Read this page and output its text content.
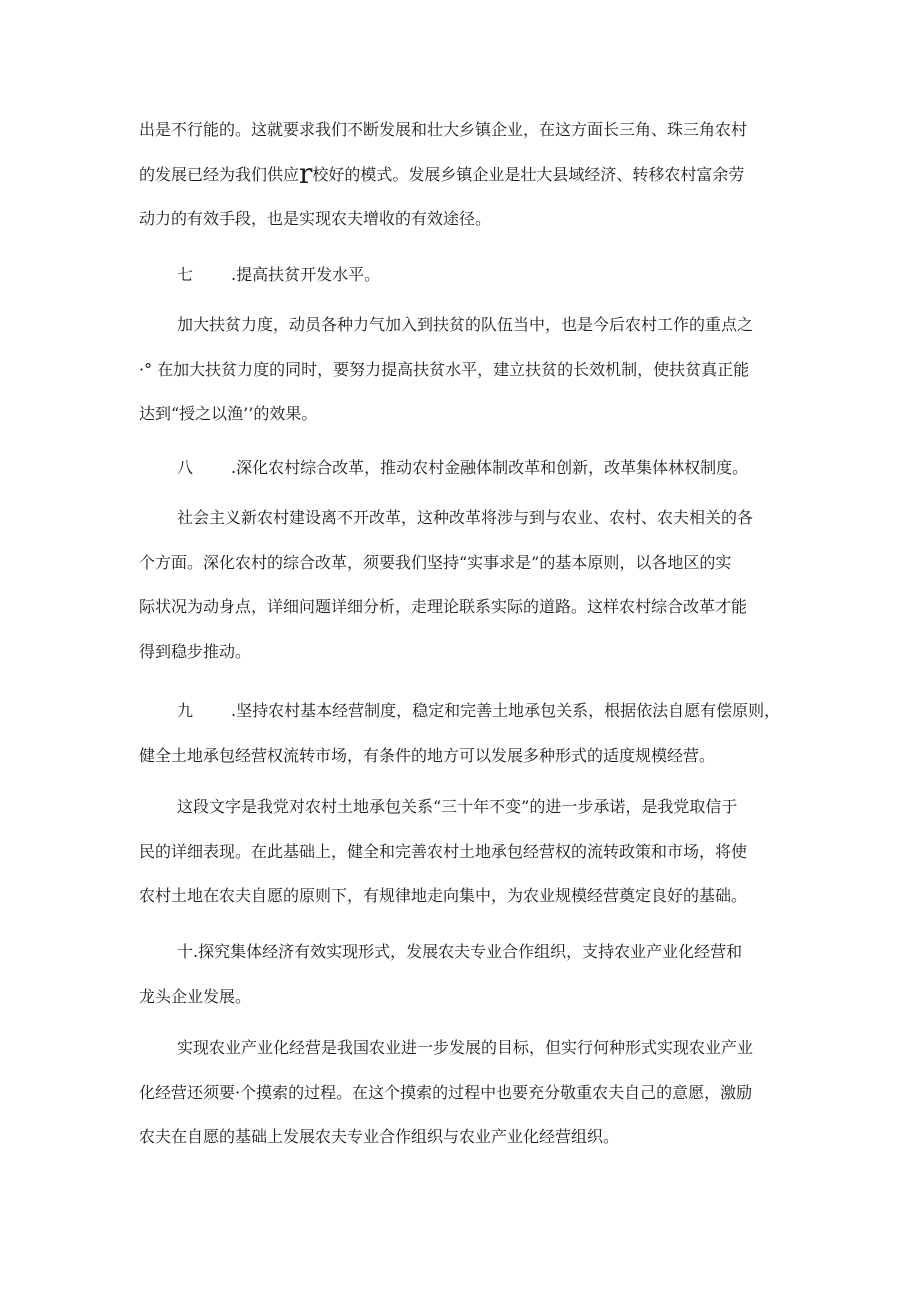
出是不行能的。这就要求我们不断发展和壮大乡镇企业，在这方面长三角、珠三角农村
的发展已经为我们供应r校好的模式。发展乡镇企业是壮大县域经济、转移农村富余劳
动力的有效手段，也是实现农夫增收的有效途径。
七 .提高扶贫开发水平。
加大扶贫力度，动员各种力气加入到扶贫的队伍当中，也是今后农村工作的重点之
·° 在加大扶贫力度的同时，要努力提高扶贫水平，建立扶贫的长效机制，使扶贫真正能
达到“授之以渔’’的效果。
八 .深化农村综合改革，推动农村金融体制改革和创新，改革集体林权制度。
社会主义新农村建设离不开改革，这种改革将涉与到与农业、农村、农夫相关的各
个方面。深化农村的综合改革，须要我们坚持“实事求是”的基本原则，以各地区的实
际状况为动身点，详细问题详细分析，走理论联系实际的道路。这样农村综合改革才能
得到稳步推动。
九 .坚持农村基本经营制度，稳定和完善土地承包关系，根据依法自愿有偿原则，
健全土地承包经营权流转市场，有条件的地方可以发展多种形式的适度规模经营。
这段文字是我党对农村土地承包关系“三十年不变”的进一步承诺，是我党取信于
民的详细表现。在此基础上，健全和完善农村土地承包经营权的流转政策和市场，将使
农村土地在农夫自愿的原则下，有规律地走向集中，为农业规模经营奠定良好的基础。
十.探究集体经济有效实现形式，发展农夫专业合作组织，支持农业产业化经营和
龙头企业发展。
实现农业产业化经营是我国农业进一步发展的目标，但实行何种形式实现农业产业
化经营还须要·个摸索的过程。在这个摸索的过程中也要充分敬重农夫自己的意愿，激励
农夫在自愿的基础上发展农夫专业合作组织与农业产业化经营组织。
